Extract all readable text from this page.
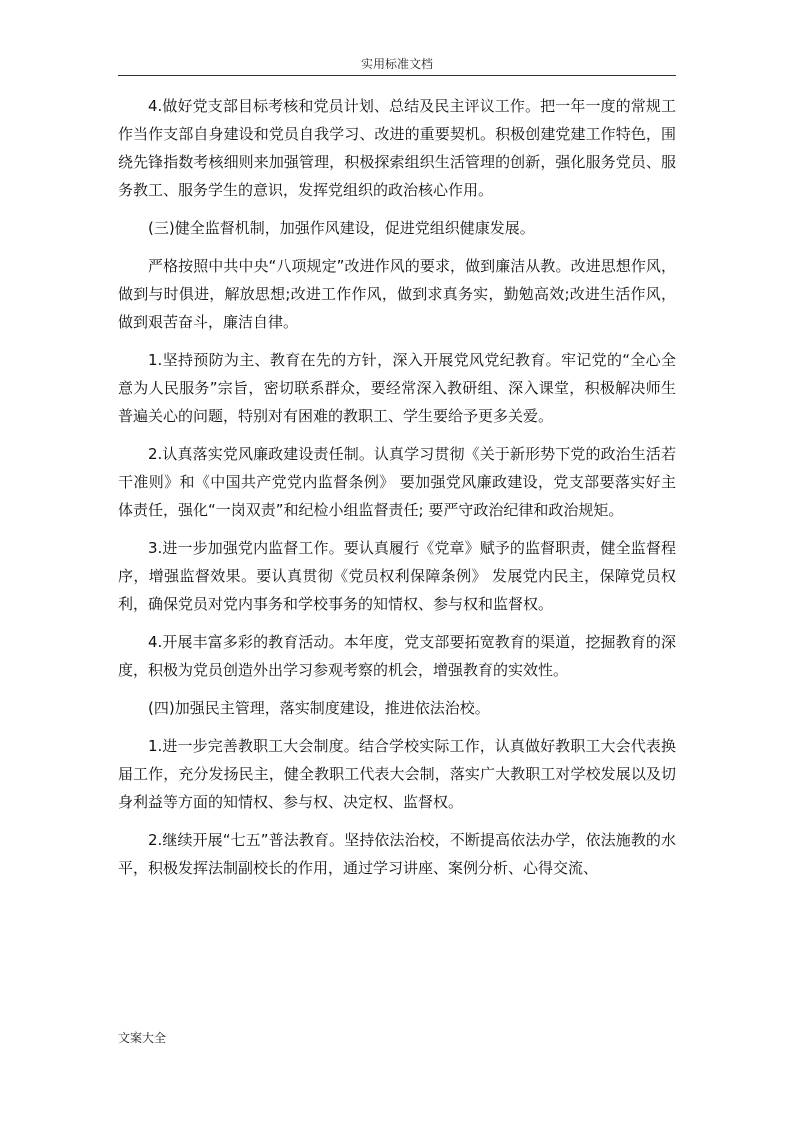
实用标准文档

4.做好党支部目标考核和党员计划、总结及民主评议工作。把一年一度的常规工作当作支部自身建设和党员自我学习、改进的重要契机。积极创建党建工作特色，围绕先锋指数考核细则来加强管理，积极探索组织生活管理的创新，强化服务党员、服务教工、服务学生的意识，发挥党组织的政治核心作用。

(三)健全监督机制，加强作风建设，促进党组织健康发展。

严格按照中共中央“八项规定”改进作风的要求，做到廉洁从教。改进思想作风，做到与时俱进，解放思想;改进工作作风，做到求真务实，勤勉高效;改进生活作风，做到艰苦奋斗，廉洁自律。

1.坚持预防为主、教育在先的方针，深入开展党风党纪教育。牢记党的“全心全意为人民服务”宗旨，密切联系群众，要经常深入教研组、深入课堂，积极解决师生普遍关心的问题，特别对有困难的教职工、学生要给予更多关爱。

2.认真落实党风廉政建设责任制。认真学习贯彻《关于新形势下党的政治生活若干准则》和《中国共产党党内监督条例》 要加强党风廉政建设，党支部要落实好主体责任，强化“一岗双责”和纪检小组监督责任; 要严守政治纪律和政治规矩。

3.进一步加强党内监督工作。要认真履行《党章》赋予的监督职责，健全监督程序，增强监督效果。要认真贯彻《党员权利保障条例》 发展党内民主，保障党员权利，确保党员对党内事务和学校事务的知情权、参与权和监督权。

4.开展丰富多彩的教育活动。本年度，党支部要拓宽教育的渠道，挖掘教育的深度，积极为党员创造外出学习参观考察的机会，增强教育的实效性。

(四)加强民主管理，落实制度建设，推进依法治校。

1.进一步完善教职工大会制度。结合学校实际工作，认真做好教职工大会代表换届工作，充分发扬民主，健全教职工代表大会制，落实广大教职工对学校发展以及切身利益等方面的知情权、参与权、决定权、监督权。

2.继续开展“七五”普法教育。坚持依法治校，不断提高依法办学，依法施教的水平，积极发挥法制副校长的作用，通过学习讲座、案例分析、心得交流、

文案大全
